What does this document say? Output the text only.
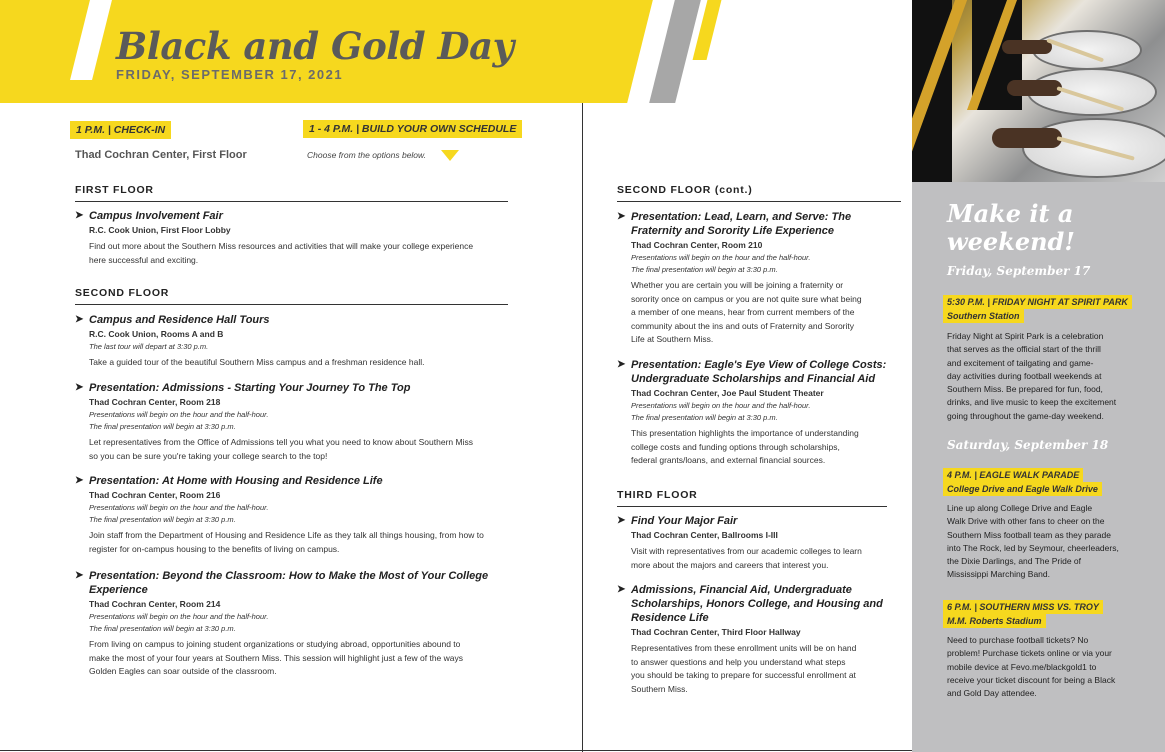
Black and Gold Day
FRIDAY, SEPTEMBER 17, 2021
1 P.M. | CHECK-IN
Thad Cochran Center, First Floor
1 - 4 P.M. | BUILD YOUR OWN SCHEDULE
Choose from the options below.
FIRST FLOOR
➤ Campus Involvement Fair
R.C. Cook Union, First Floor Lobby
Find out more about the Southern Miss resources and activities that will make your college experience
here successful and exciting.
SECOND FLOOR
➤ Campus and Residence Hall Tours
R.C. Cook Union, Rooms A and B
The last tour will depart at 3:30 p.m.
Take a guided tour of the beautiful Southern Miss campus and a freshman residence hall.
➤ Presentation: Admissions - Starting Your Journey To The Top
Thad Cochran Center, Room 218
Presentations will begin on the hour and the half-hour.
The final presentation will begin at 3:30 p.m.
Let representatives from the Office of Admissions tell you what you need to know about Southern Miss
so you can be sure you're taking your college search to the top!
➤ Presentation: At Home with Housing and Residence Life
Thad Cochran Center, Room 216
Presentations will begin on the hour and the half-hour.
The final presentation will begin at 3:30 p.m.
Join staff from the Department of Housing and Residence Life as they talk all things housing, from how to
register for on-campus housing to the benefits of living on campus.
➤ Presentation: Beyond the Classroom: How to Make the Most of Your College
Experience
Thad Cochran Center, Room 214
Presentations will begin on the hour and the half-hour.
The final presentation will begin at 3:30 p.m.
From living on campus to joining student organizations or studying abroad, opportunities abound to
make the most of your four years at Southern Miss. This session will highlight just a few of the ways
Golden Eagles can soar outside of the classroom.
SECOND FLOOR (cont.)
➤ Presentation: Lead, Learn, and Serve: The
Fraternity and Sorority Life Experience
Thad Cochran Center, Room 210
Presentations will begin on the hour and the half-hour.
The final presentation will begin at 3:30 p.m.
Whether you are certain you will be joining a fraternity or
sorority once on campus or you are not quite sure what being
a member of one means, hear from current members of the
community about the ins and outs of Fraternity and Sorority
Life at Southern Miss.
➤ Presentation: Eagle's Eye View of College Costs:
Undergraduate Scholarships and Financial Aid
Thad Cochran Center, Joe Paul Student Theater
Presentations will begin on the hour and the half-hour.
The final presentation will begin at 3:30 p.m.
This presentation highlights the importance of understanding
college costs and funding options through scholarships,
federal grants/loans, and external financial sources.
THIRD FLOOR
➤ Find Your Major Fair
Thad Cochran Center, Ballrooms I-III
Visit with representatives from our academic colleges to learn
more about the majors and careers that interest you.
➤ Admissions, Financial Aid, Undergraduate
Scholarships, Honors College, and Housing and
Residence Life
Thad Cochran Center, Third Floor Hallway
Representatives from these enrollment units will be on hand
to answer questions and help you understand what steps
you should be taking to prepare for successful enrollment at
Southern Miss.
Make it a
weekend!
Friday, September 17
5:30 P.M. | FRIDAY NIGHT AT SPIRIT PARK
Southern Station
Friday Night at Spirit Park is a celebration
that serves as the official start of the thrill
and excitement of tailgating and game-
day activities during football weekends at
Southern Miss. Be prepared for fun, food,
drinks, and live music to keep the excitement
going throughout the game-day weekend.
Saturday, September 18
4 P.M. | EAGLE WALK PARADE
College Drive and Eagle Walk Drive
Line up along College Drive and Eagle
Walk Drive with other fans to cheer on the
Southern Miss football team as they parade
into The Rock, led by Seymour, cheerleaders,
the Dixie Darlings, and The Pride of
Mississippi Marching Band.
6 P.M. | SOUTHERN MISS VS. TROY
M.M. Roberts Stadium
Need to purchase football tickets? No
problem! Purchase tickets online or via your
mobile device at Fevo.me/blackgold1 to
receive your ticket discount for being a Black
and Gold Day attendee.
